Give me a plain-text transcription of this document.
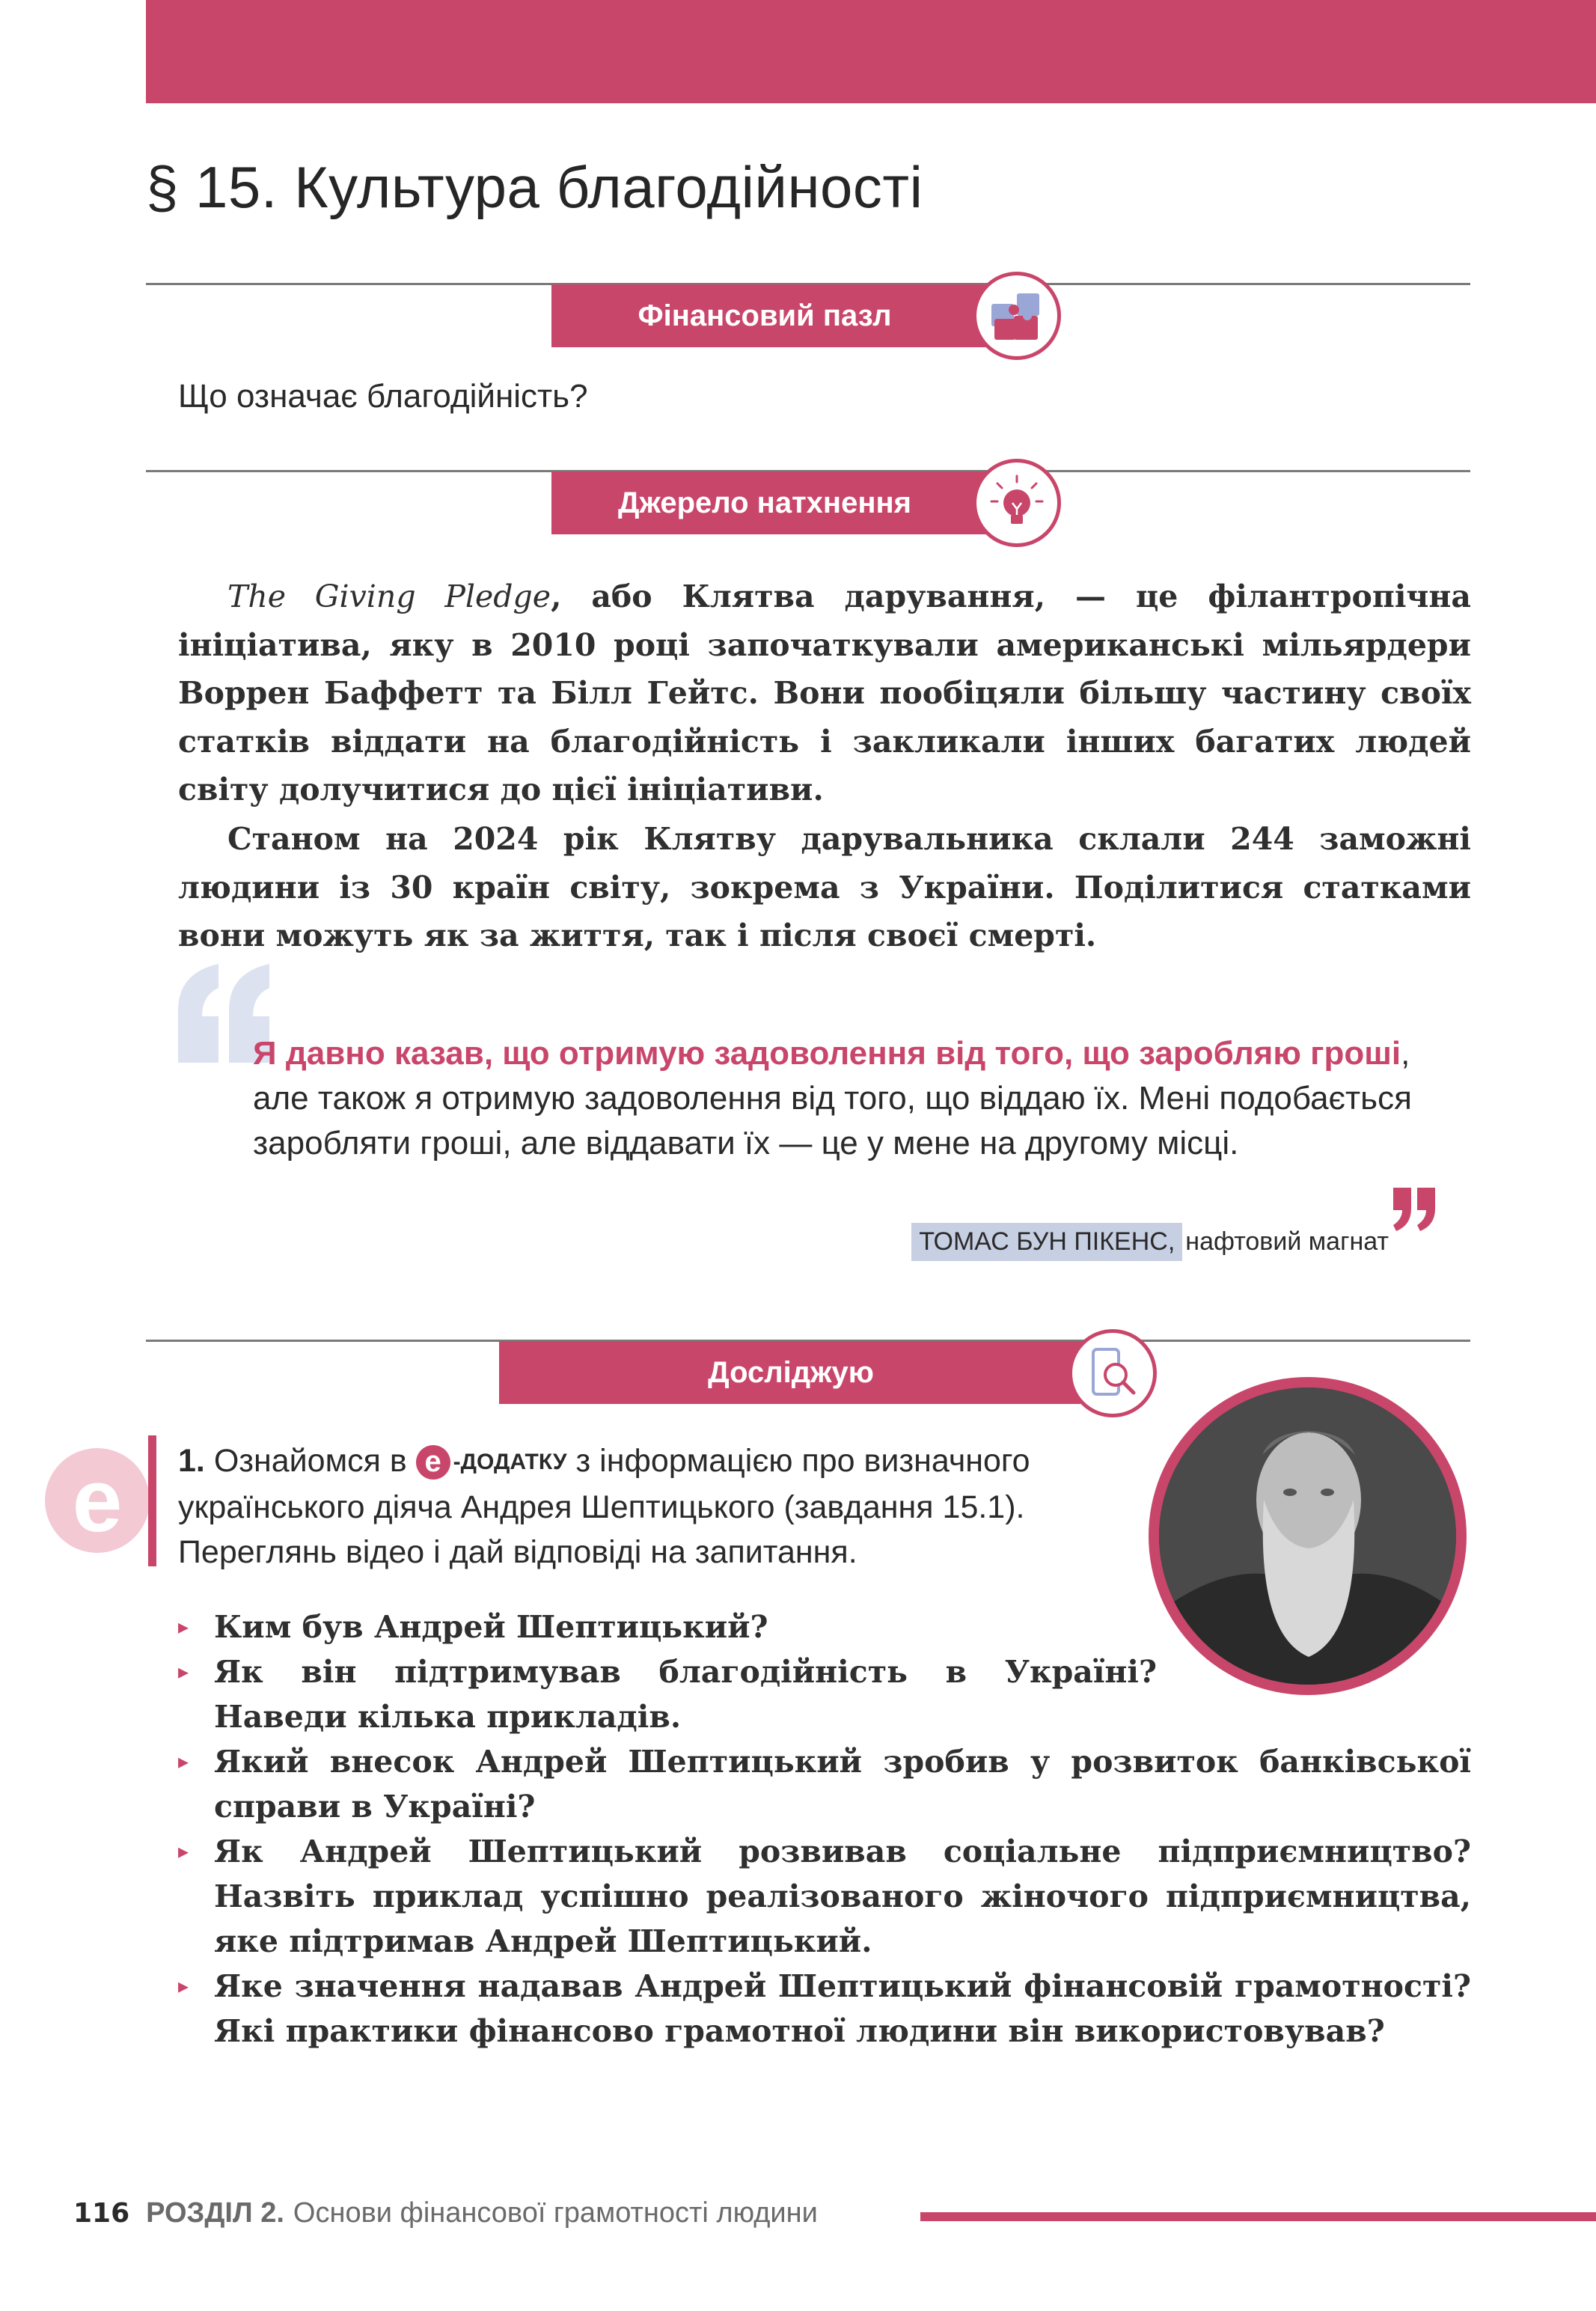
§ 15. Культура благодійності
Фінансовий пазл
Що означає благодійність?
Джерело натхнення

The Giving Pledge, або Клятва дарування, — це філантропічна ініціатива, яку в 2010 році започаткували американські мільярдери Воррен Баффетт та Білл Гейтс. Вони пообіцяли більшу частину своїх статків віддати на благодійність і закликали інших багатих людей світу долучитися до цієї ініціативи.

Станом на 2024 рік Клятву дарувальника склали 244 заможні людини із 30 країн світу, зокрема з України. Поділитися статками вони можуть як за життя, так і після своєї смерті.

Я давно казав, що отримую задоволення від того, що заробляю гроші, але також я отримую задоволення від того, що віддаю їх. Мені подобається заробляти гроші, але віддавати їх — це у мене на другому місці.

ТОМАС БУН ПІКЕНС, нафтовий магнат
Досліджую
e	1. Ознайомся в e -ДОДАТКУ з інформацією про визначного українського діяча Андрея Шептицького (завдання 15.1). Переглянь відео і дай відповіді на запитання.

▸ Ким був Андрей Шептицький?
▸ Як він підтримував благодійність в Україні? Наведи кілька прикладів.
▸ Який внесок Андрей Шептицький зробив у розвиток банківської справи в Україні?
▸ Як Андрей Шептицький розвивав соціальне підприємництво? Назвіть приклад успішно реалізованого жіночого підприємництва, яке підтримав Андрей Шептицький.
▸ Яке значення надавав Андрей Шептицький фінансовій грамотності? Які практики фінансово грамотної людини він використовував?
116 РОЗДІЛ 2. Основи фінансової грамотності людини
